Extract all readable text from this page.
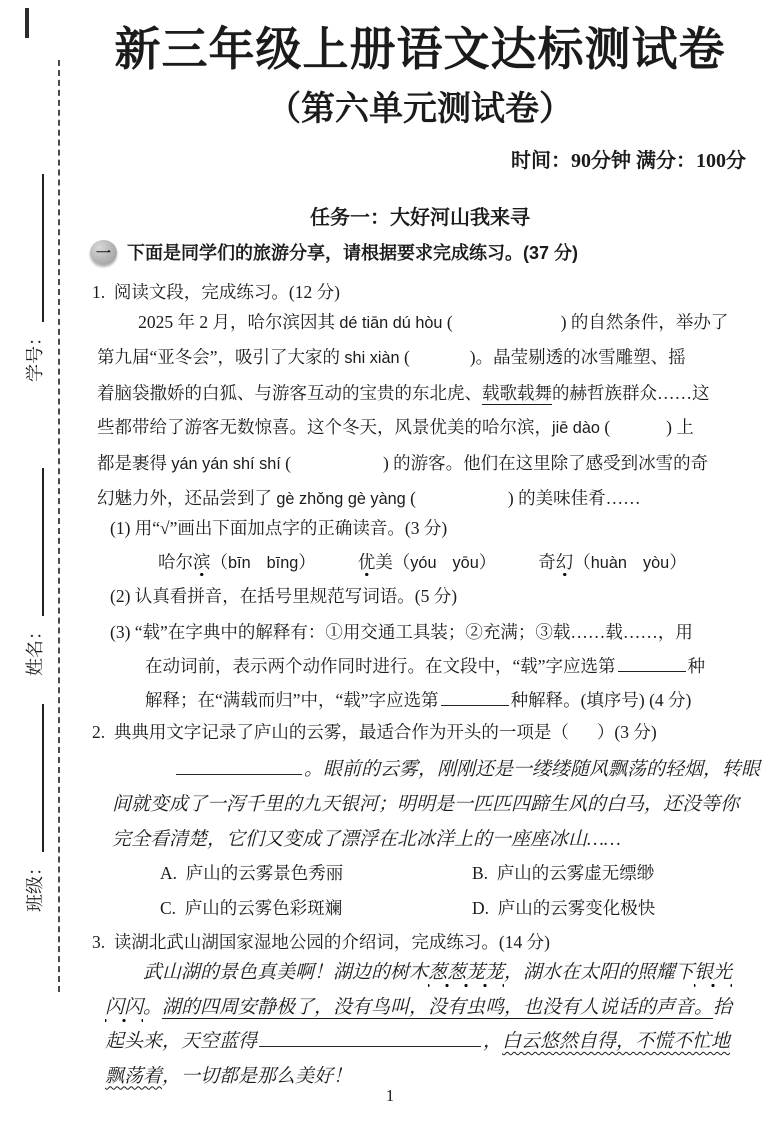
学号：
姓名：
班级：
新三年级上册语文达标测试卷
（第六单元测试卷）
时间：90分钟 满分：100分
任务一：大好河山我来寻
一 下面是同学们的旅游分享，请根据要求完成练习。(37 分)
1. 阅读文段，完成练习。(12 分)
2025 年 2 月，哈尔滨因其 dé tiān dú hòu (	) 的自然条件，举办了
第九届“亚冬会”，吸引了大家的 shi xiàn (	)。晶莹剔透的冰雪雕塑、摇
着脑袋撒娇的白狐、与游客互动的宝贵的东北虎、载歌载舞的赫哲族群众……这
些都带给了游客无数惊喜。这个冬天，风景优美的哈尔滨，jiē dào (	) 上
都是裹得 yán yán shí shí (	) 的游客。他们在这里除了感受到冰雪的奇
幻魅力外，还品尝到了 gè zhǒng gè yàng (	) 的美味佳肴……
(1) 用“√”画出下面加点字的正确读音。(3 分)
哈尔滨（bīn bīng） 优美（yóu yōu） 奇幻（huàn yòu）
(2) 认真看拼音，在括号里规范写词语。(5 分)
(3) “载”在字典中的解释有：①用交通工具装；②充满；③载……载……，用
在动词前，表示两个动作同时进行。在文段中，“载”字应选第	种
解释；在“满载而归”中，“载”字应选第	种解释。(填序号) (4 分)
2. 典典用文字记录了庐山的云雾，最适合作为开头的一项是（ ）(3 分)
。眼前的云雾，刚刚还是一缕缕随风飘荡的轻烟，转眼
间就变成了一泻千里的九天银河；明明是一匹匹四蹄生风的白马，还没等你
完全看清楚，它们又变成了漂浮在北冰洋上的一座座冰山……
A. 庐山的云雾景色秀丽	B. 庐山的云雾虚无缥缈
C. 庐山的云雾色彩斑斓	D. 庐山的云雾变化极快
3. 读湖北武山湖国家湿地公园的介绍词，完成练习。(14 分)
武山湖的景色真美啊！湖边的树木葱葱茏茏，湖水在太阳的照耀下银光
闪闪。湖的四周安静极了，没有鸟叫，没有虫鸣，也没有人说话的声音。抬
起头来，天空蓝得	，白云悠然自得，不慌不忙地
飘荡着，一切都是那么美好！
1
